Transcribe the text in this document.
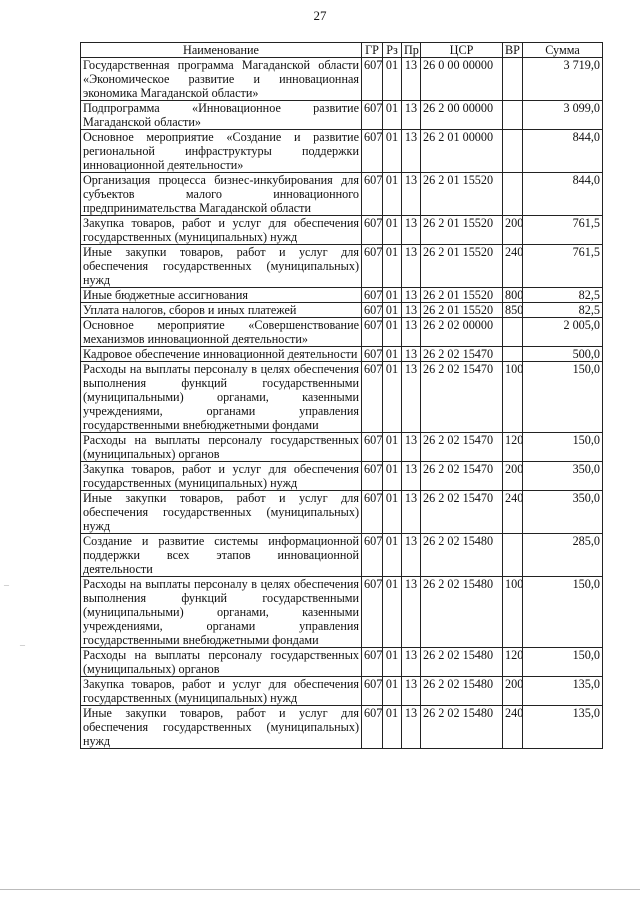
27
Наименование	ГР	Рз	Пр	ЦСР	ВР	Сумма
Государственная программа Магаданской области «Экономическое развитие и инновационная экономика Магаданской области»	607	01	13	26 0 00 00000		3 719,0
Подпрограмма «Инновационное развитие Магаданской области»	607	01	13	26 2 00 00000		3 099,0
Основное мероприятие «Создание и развитие региональной инфраструктуры поддержки инновационной деятельности»	607	01	13	26 2 01 00000		844,0
Организация процесса бизнес-инкубирования для субъектов малого инновационного предпринимательства Магаданской области	607	01	13	26 2 01 15520		844,0
Закупка товаров, работ и услуг для обеспечения государственных (муниципальных) нужд	607	01	13	26 2 01 15520	200	761,5
Иные закупки товаров, работ и услуг для обеспечения государственных (муниципальных) нужд	607	01	13	26 2 01 15520	240	761,5
Иные бюджетные ассигнования	607	01	13	26 2 01 15520	800	82,5
Уплата налогов, сборов и иных платежей	607	01	13	26 2 01 15520	850	82,5
Основное мероприятие «Совершенствование механизмов инновационной деятельности»	607	01	13	26 2 02 00000		2 005,0
Кадровое обеспечение инновационной деятельности	607	01	13	26 2 02 15470		500,0
Расходы на выплаты персоналу в целях обеспечения выполнения функций государственными (муниципальными) органами, казенными учреждениями, органами управления государственными внебюджетными фондами	607	01	13	26 2 02 15470	100	150,0
Расходы на выплаты персоналу государственных (муниципальных) органов	607	01	13	26 2 02 15470	120	150,0
Закупка товаров, работ и услуг для обеспечения государственных (муниципальных) нужд	607	01	13	26 2 02 15470	200	350,0
Иные закупки товаров, работ и услуг для обеспечения государственных (муниципальных) нужд	607	01	13	26 2 02 15470	240	350,0
Создание и развитие системы информационной поддержки всех этапов инновационной деятельности	607	01	13	26 2 02 15480		285,0
Расходы на выплаты персоналу в целях обеспечения выполнения функций государственными (муниципальными) органами, казенными учреждениями, органами управления государственными внебюджетными фондами	607	01	13	26 2 02 15480	100	150,0
Расходы на выплаты персоналу государственных (муниципальных) органов	607	01	13	26 2 02 15480	120	150,0
Закупка товаров, работ и услуг для обеспечения государственных (муниципальных) нужд	607	01	13	26 2 02 15480	200	135,0
Иные закупки товаров, работ и услуг для обеспечения государственных (муниципальных) нужд	607	01	13	26 2 02 15480	240	135,0
–
–
